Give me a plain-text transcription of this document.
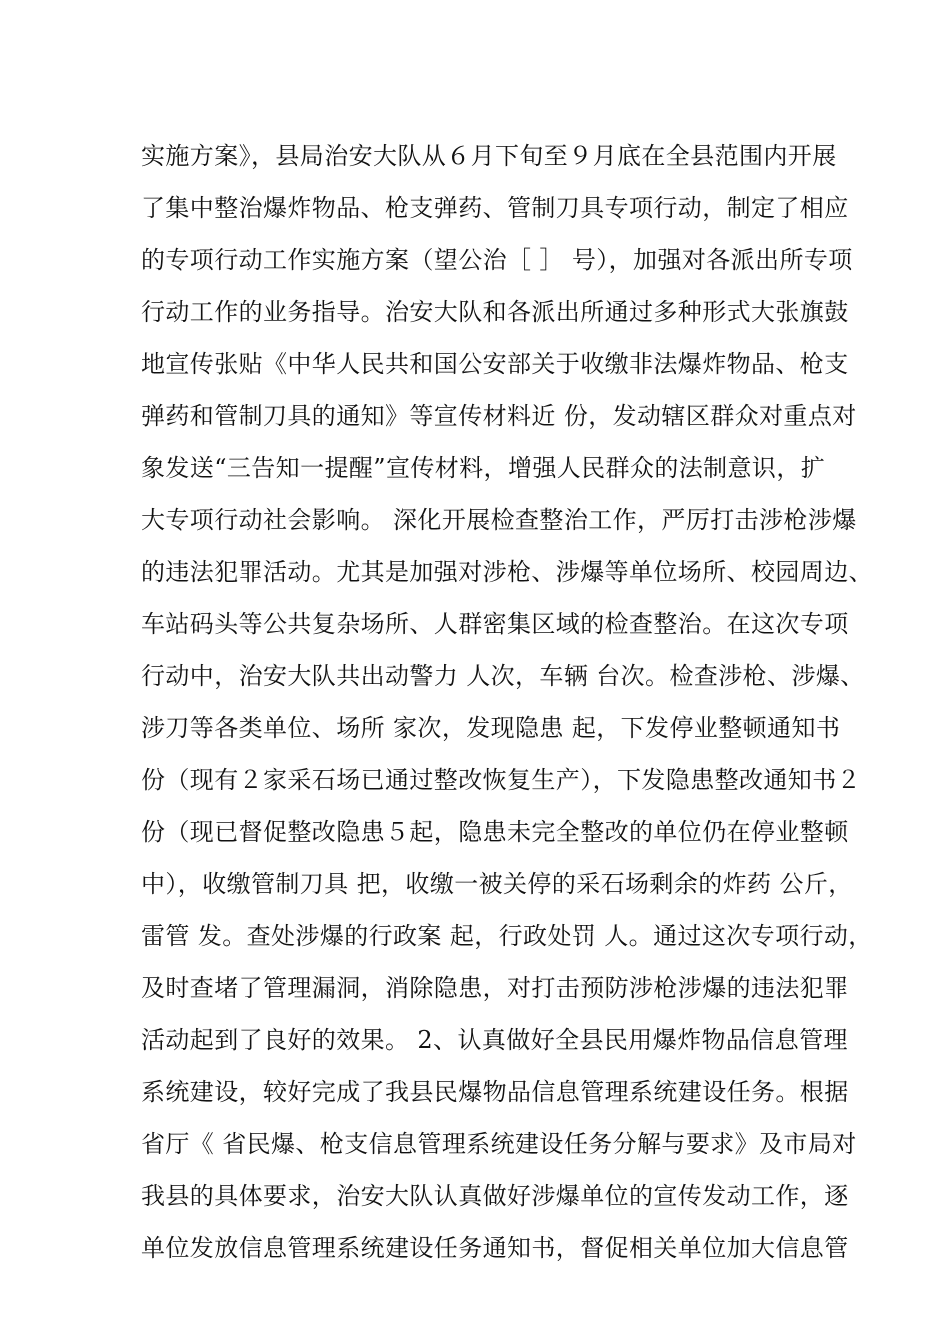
实施方案》，县局治安大队从６月下旬至９月底在全县范围内开展
了集中整治爆炸物品、枪支弹药、管制刀具专项行动，制定了相应
的专项行动工作实施方案（望公治［ ］ 号），加强对各派出所专项
行动工作的业务指导。治安大队和各派出所通过多种形式大张旗鼓
地宣传张贴《中华人民共和国公安部关于收缴非法爆炸物品、枪支
弹药和管制刀具的通知》等宣传材料近 份，发动辖区群众对重点对
象发送“三告知一提醒”宣传材料，增强人民群众的法制意识，扩
大专项行动社会影响。 深化开展检查整治工作，严厉打击涉枪涉爆
的违法犯罪活动。尤其是加强对涉枪、涉爆等单位场所、校园周边、
车站码头等公共复杂场所、人群密集区域的检查整治。在这次专项
行动中，治安大队共出动警力 人次，车辆 台次。检查涉枪、涉爆、
涉刀等各类单位、场所 家次，发现隐患 起，下发停业整顿通知书
份（现有２家采石场已通过整改恢复生产），下发隐患整改通知书２
份（现已督促整改隐患５起，隐患未完全整改的单位仍在停业整顿
中），收缴管制刀具 把，收缴一被关停的采石场剩余的炸药 公斤，
雷管 发。查处涉爆的行政案 起，行政处罚 人。通过这次专项行动，
及时查堵了管理漏洞，消除隐患，对打击预防涉枪涉爆的违法犯罪
活动起到了良好的效果。 2、认真做好全县民用爆炸物品信息管理
系统建设，较好完成了我县民爆物品信息管理系统建设任务。根据
省厅《 省民爆、枪支信息管理系统建设任务分解与要求》及市局对
我县的具体要求，治安大队认真做好涉爆单位的宣传发动工作，逐
单位发放信息管理系统建设任务通知书，督促相关单位加大信息管
